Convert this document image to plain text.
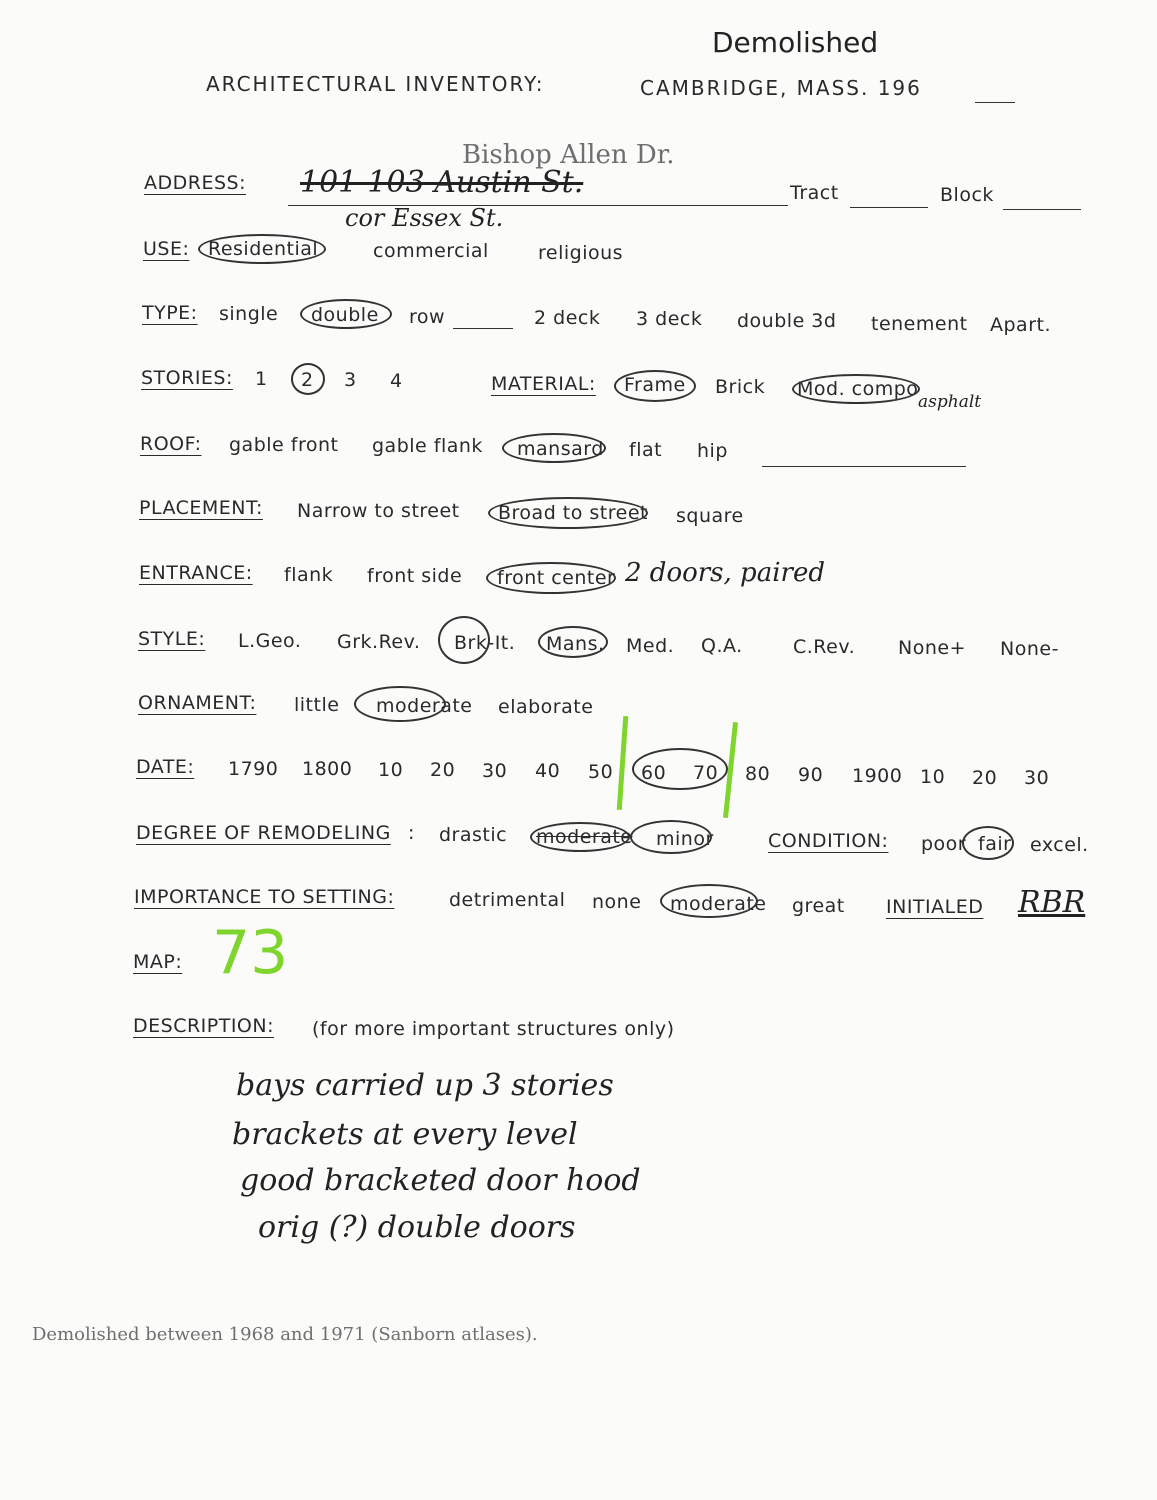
Demolished
ARCHITECTURAL INVENTORY:	CAMBRIDGE, MASS. 196
ADDRESS:
Bishop Allen Dr.
101-103 Austin St.
cor Essex St.
Tract	Block
USE: Residential	commercial	religious
TYPE: single double row	2 deck 3 deck double 3d tenement Apart.
STORIES: 1 2 3 4	MATERIAL: Frame Brick Mod. compo
asphalt
ROOF: gable front gable flank mansard flat hip
PLACEMENT: Narrow to street Broad to street square
ENTRANCE: flank front side front center 2 doors, paired
STYLE: L.Geo. Grk.Rev. Brk-It. Mans. Med. Q.A.	C.Rev. None+ None-
ORNAMENT: little moderate elaborate
DATE: 1790 1800 10 20 30 40 50 60 70 80 90 1900 10 20 30
DEGREE OF REMODELING : drastic moderate minor	CONDITION: poor fair excel.
IMPORTANCE TO SETTING:	detrimental none moderate great INITIALED RBR
MAP: 73
DESCRIPTION: (for more important structures only)
bays carried up 3 stories
brackets at every level
good bracketed door hood
orig (?) double doors
Demolished between 1968 and 1971 (Sanborn atlases).
